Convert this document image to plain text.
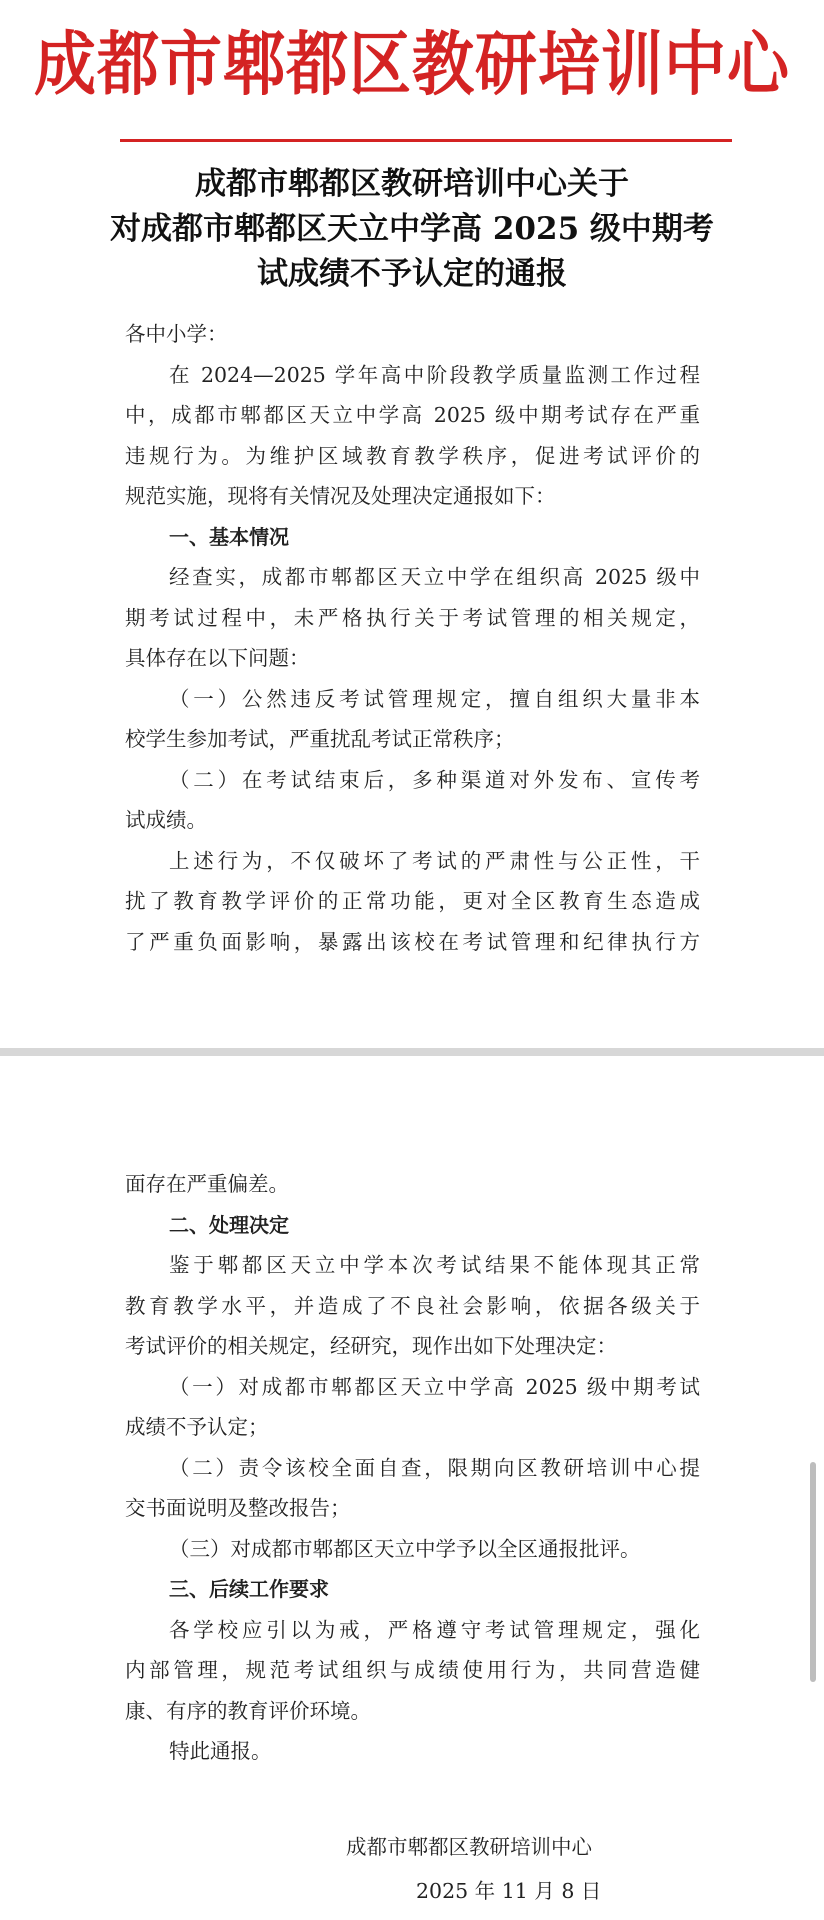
成都市郫都区教研培训中心
成都市郫都区教研培训中心关于
对成都市郫都区天立中学高 2025 级中期考
试成绩不予认定的通报
各中小学：
在 2024—2025 学年高中阶段教学质量监测工作过程
中，成都市郫都区天立中学高 2025 级中期考试存在严重
违规行为。为维护区域教育教学秩序，促进考试评价的
规范实施，现将有关情况及处理决定通报如下：
一、基本情况
经查实，成都市郫都区天立中学在组织高 2025 级中
期考试过程中，未严格执行关于考试管理的相关规定，
具体存在以下问题：
（一）公然违反考试管理规定，擅自组织大量非本
校学生参加考试，严重扰乱考试正常秩序；
（二）在考试结束后，多种渠道对外发布、宣传考
试成绩。
上述行为，不仅破坏了考试的严肃性与公正性，干
扰了教育教学评价的正常功能，更对全区教育生态造成
了严重负面影响，暴露出该校在考试管理和纪律执行方
面存在严重偏差。
二、处理决定
鉴于郫都区天立中学本次考试结果不能体现其正常
教育教学水平，并造成了不良社会影响，依据各级关于
考试评价的相关规定，经研究，现作出如下处理决定：
（一）对成都市郫都区天立中学高 2025 级中期考试
成绩不予认定；
（二）责令该校全面自查，限期向区教研培训中心提
交书面说明及整改报告；
（三）对成都市郫都区天立中学予以全区通报批评。
三、后续工作要求
各学校应引以为戒，严格遵守考试管理规定，强化
内部管理，规范考试组织与成绩使用行为，共同营造健
康、有序的教育评价环境。
特此通报。
成都市郫都区教研培训中心
2025 年 11 月 8 日
